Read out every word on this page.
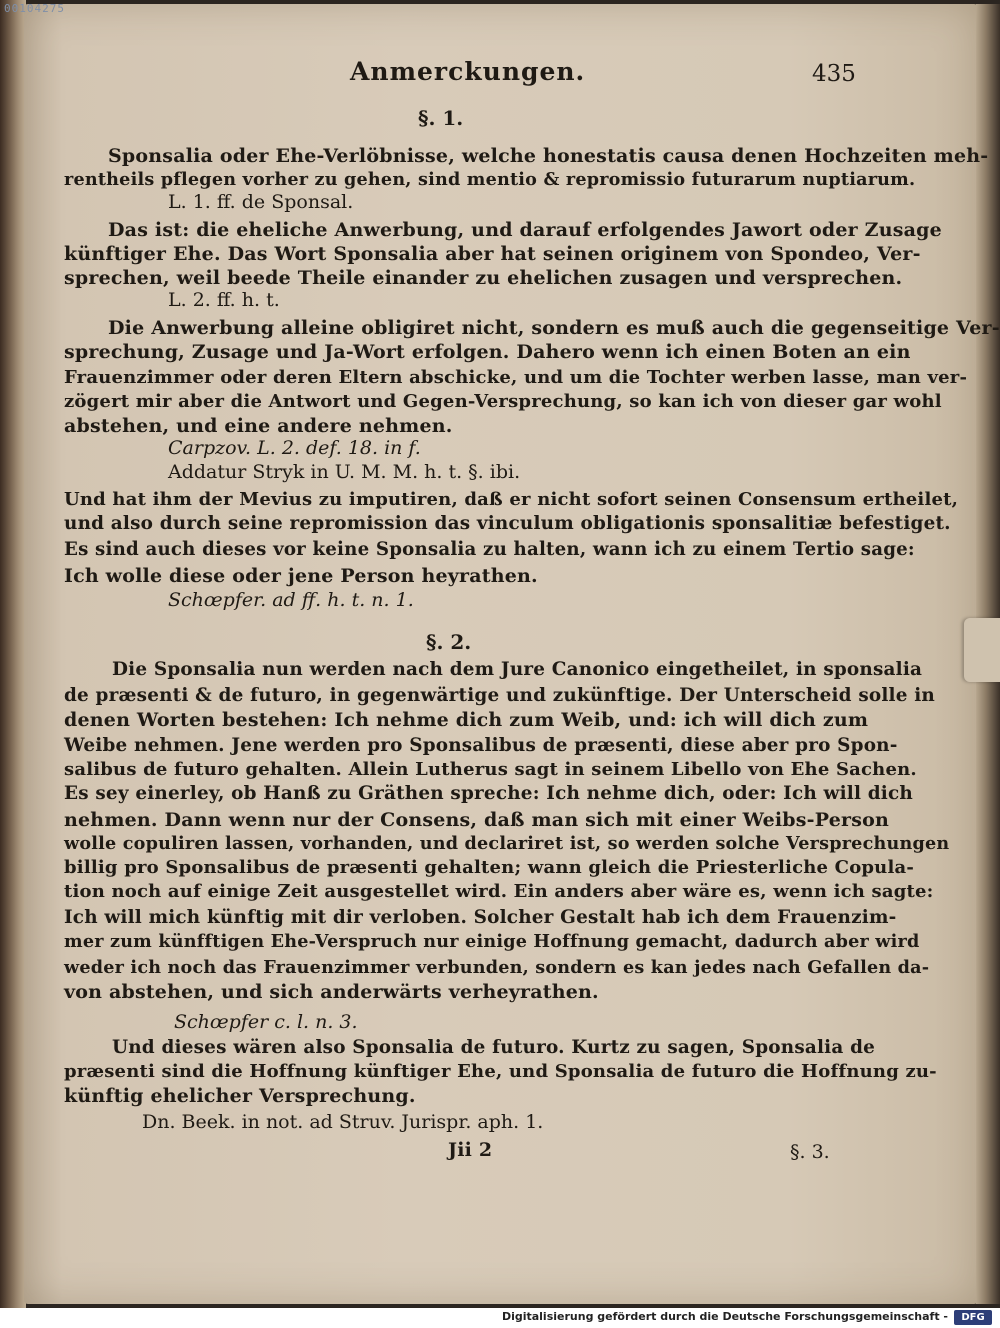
00104275
Anmerckungen.	435
§. 1.
Sponsalia oder Ehe-Verlöbnisse, welche honestatis causa denen Hochzeiten meh-
rentheils pflegen vorher zu gehen, sind mentio & repromissio futurarum nuptiarum.
L. 1. ff. de Sponsal.
Das ist: die eheliche Anwerbung, und darauf erfolgendes Jawort oder Zusage
künftiger Ehe. Das Wort Sponsalia aber hat seinen originem von Spondeo, Ver-
sprechen, weil beede Theile einander zu ehelichen zusagen und versprechen.
L. 2. ff. h. t.
Die Anwerbung alleine obligiret nicht, sondern es muß auch die gegenseitige Ver-
sprechung, Zusage und Ja-Wort erfolgen. Dahero wenn ich einen Boten an ein
Frauenzimmer oder deren Eltern abschicke, und um die Tochter werben lasse, man ver-
zögert mir aber die Antwort und Gegen-Versprechung, so kan ich von dieser gar wohl
abstehen, und eine andere nehmen.
Carpzov. L. 2. def. 18. in f.
Addatur Stryk in U. M. M. h. t. §. ibi.
Und hat ihm der Mevius zu imputiren, daß er nicht sofort seinen Consensum ertheilet,
und also durch seine repromission das vinculum obligationis sponsalitiæ befestiget.
Es sind auch dieses vor keine Sponsalia zu halten, wann ich zu einem Tertio sage:
Ich wolle diese oder jene Person heyrathen.
Schœpfer. ad ff. h. t. n. 1.
§. 2.
Die Sponsalia nun werden nach dem Jure Canonico eingetheilet, in sponsalia
de præsenti & de futuro, in gegenwärtige und zukünftige. Der Unterscheid solle in
denen Worten bestehen: Ich nehme dich zum Weib, und: ich will dich zum
Weibe nehmen. Jene werden pro Sponsalibus de præsenti, diese aber pro Spon-
salibus de futuro gehalten. Allein Lutherus sagt in seinem Libello von Ehe Sachen.
Es sey einerley, ob Hanß zu Gräthen spreche: Ich nehme dich, oder: Ich will dich
nehmen. Dann wenn nur der Consens, daß man sich mit einer Weibs-Person
wolle copuliren lassen, vorhanden, und declariret ist, so werden solche Versprechungen
billig pro Sponsalibus de præsenti gehalten; wann gleich die Priesterliche Copula-
tion noch auf einige Zeit ausgestellet wird. Ein anders aber wäre es, wenn ich sagte:
Ich will mich künftig mit dir verloben. Solcher Gestalt hab ich dem Frauenzim-
mer zum künfftigen Ehe-Verspruch nur einige Hoffnung gemacht, dadurch aber wird
weder ich noch das Frauenzimmer verbunden, sondern es kan jedes nach Gefallen da-
von abstehen, und sich anderwärts verheyrathen.
Schœpfer c. l. n. 3.
Und dieses wären also Sponsalia de futuro. Kurtz zu sagen, Sponsalia de
præsenti sind die Hoffnung künftiger Ehe, und Sponsalia de futuro die Hoffnung zu-
künftig ehelicher Versprechung.
Dn. Beek. in not. ad Struv. Jurispr. aph. 1.
Jii 2	§. 3.
Digitalisierung gefördert durch die Deutsche Forschungsgemeinschaft -	DFG
